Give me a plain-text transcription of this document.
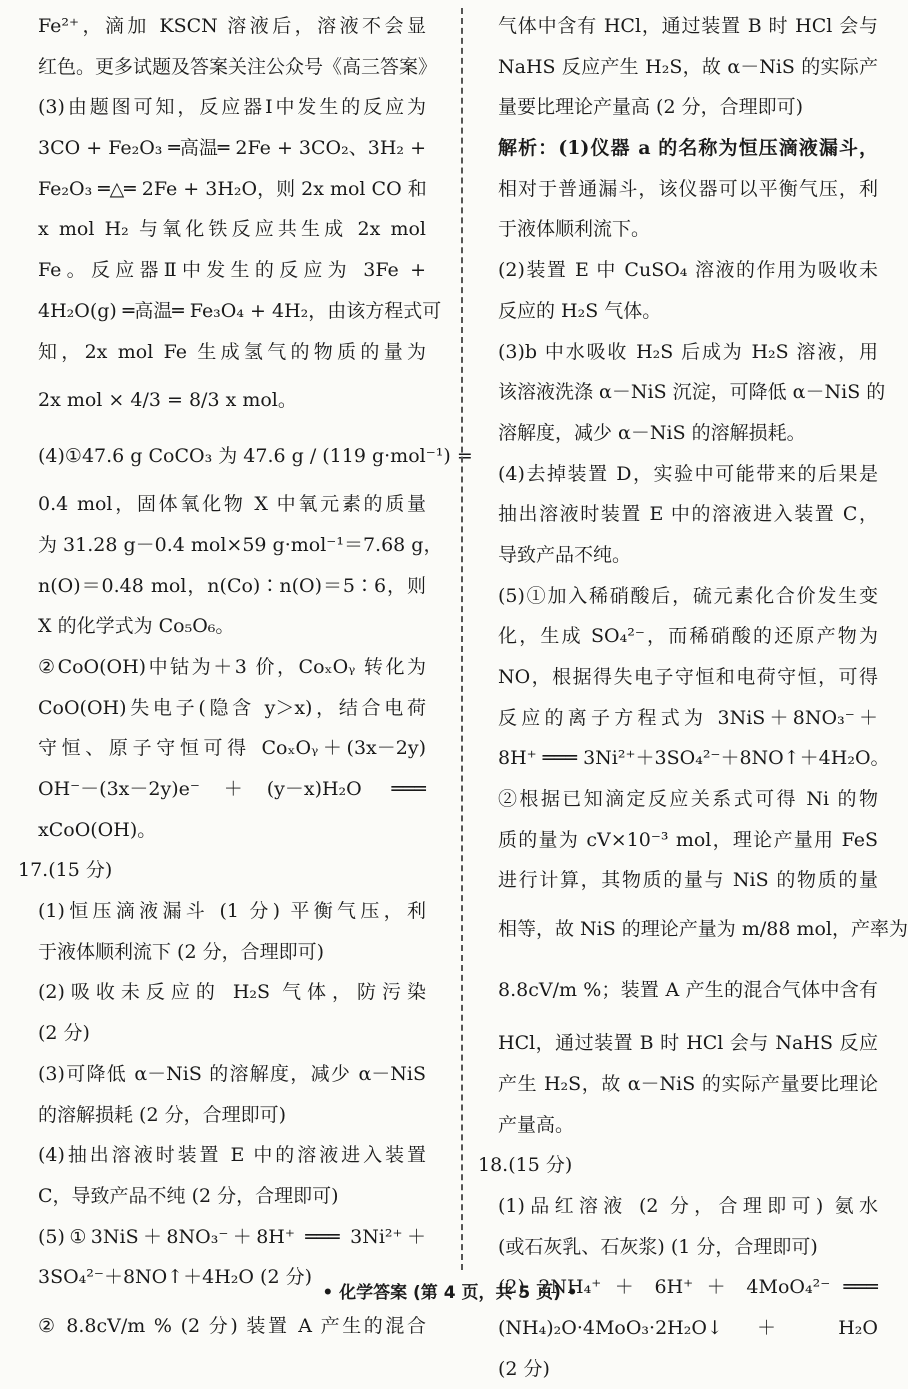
Fe²⁺，滴加 KSCN 溶液后，溶液不会显
红色。更多试题及答案关注公众号《高三答案》
(3)由题图可知，反应器Ⅰ中发生的反应为
3CO + Fe₂O₃ ═高温═ 2Fe + 3CO₂、3H₂ +
Fe₂O₃ ═△═ 2Fe + 3H₂O，则 2x mol CO 和
x mol H₂ 与氧化铁反应共生成 2x mol
Fe。反应器Ⅱ中发生的反应为 3Fe +
4H₂O(g) ═高温═ Fe₃O₄ + 4H₂，由该方程式可
知，2x mol Fe 生成氢气的物质的量为
2x mol × 4/3 = 8/3 x mol。
(4)①47.6 g CoCO₃ 为 47.6 g / (119 g·mol⁻¹) =
0.4 mol，固体氧化物 X 中氧元素的质量
为 31.28 g－0.4 mol×59 g·mol⁻¹＝7.68 g，
n(O)＝0.48 mol，n(Co)∶n(O)＝5∶6，则
X 的化学式为 Co₅O₆。
②CoO(OH)中钴为＋3 价，CoₓOᵧ 转化为
CoO(OH)失电子(隐含 y＞x)，结合电荷
守恒、原子守恒可得 CoₓOᵧ＋(3x－2y)
OH⁻－(3x－2y)e⁻＋(y－x)H₂O ═══
xCoO(OH)。
17.(15 分)
(1)恒压滴液漏斗 (1 分) 平衡气压，利
于液体顺利流下 (2 分，合理即可)
(2)吸收未反应的 H₂S 气体，防污染
(2 分)
(3)可降低 α－NiS 的溶解度，减少 α－NiS
的溶解损耗 (2 分，合理即可)
(4)抽出溶液时装置 E 中的溶液进入装置
C，导致产品不纯 (2 分，合理即可)
(5)①3NiS＋8NO₃⁻＋8H⁺ ═══ 3Ni²⁺＋
3SO₄²⁻＋8NO↑＋4H₂O (2 分)
② 8.8cV/m % (2 分) 装置 A 产生的混合
气体中含有 HCl，通过装置 B 时 HCl 会与
NaHS 反应产生 H₂S，故 α－NiS 的实际产
量要比理论产量高 (2 分，合理即可)
解析：(1)仪器 a 的名称为恒压滴液漏斗，
相对于普通漏斗，该仪器可以平衡气压，利
于液体顺利流下。
(2)装置 E 中 CuSO₄ 溶液的作用为吸收未
反应的 H₂S 气体。
(3)b 中水吸收 H₂S 后成为 H₂S 溶液，用
该溶液洗涤 α－NiS 沉淀，可降低 α－NiS 的
溶解度，减少 α－NiS 的溶解损耗。
(4)去掉装置 D，实验中可能带来的后果是
抽出溶液时装置 E 中的溶液进入装置 C，
导致产品不纯。
(5)①加入稀硝酸后，硫元素化合价发生变
化，生成 SO₄²⁻，而稀硝酸的还原产物为
NO，根据得失电子守恒和电荷守恒，可得
反应的离子方程式为 3NiS＋8NO₃⁻＋
8H⁺ ═══ 3Ni²⁺＋3SO₄²⁻＋8NO↑＋4H₂O。
②根据已知滴定反应关系式可得 Ni 的物
质的量为 cV×10⁻³ mol，理论产量用 FeS
进行计算，其物质的量与 NiS 的物质的量
相等，故 NiS 的理论产量为 m/88 mol，产率为
8.8cV/m %；装置 A 产生的混合气体中含有
HCl，通过装置 B 时 HCl 会与 NaHS 反应
产生 H₂S，故 α－NiS 的实际产量要比理论
产量高。
18.(15 分)
(1)品红溶液 (2 分，合理即可) 氨水
(或石灰乳、石灰浆) (1 分，合理即可)
(2) 2NH₄⁺ ＋ 6H⁺ ＋ 4MoO₄²⁻ ═══
(NH₄)₂O·4MoO₃·2H₂O↓ ＋ H₂O
(2 分)
• 化学答案 (第 4 页，共 5 页) •
